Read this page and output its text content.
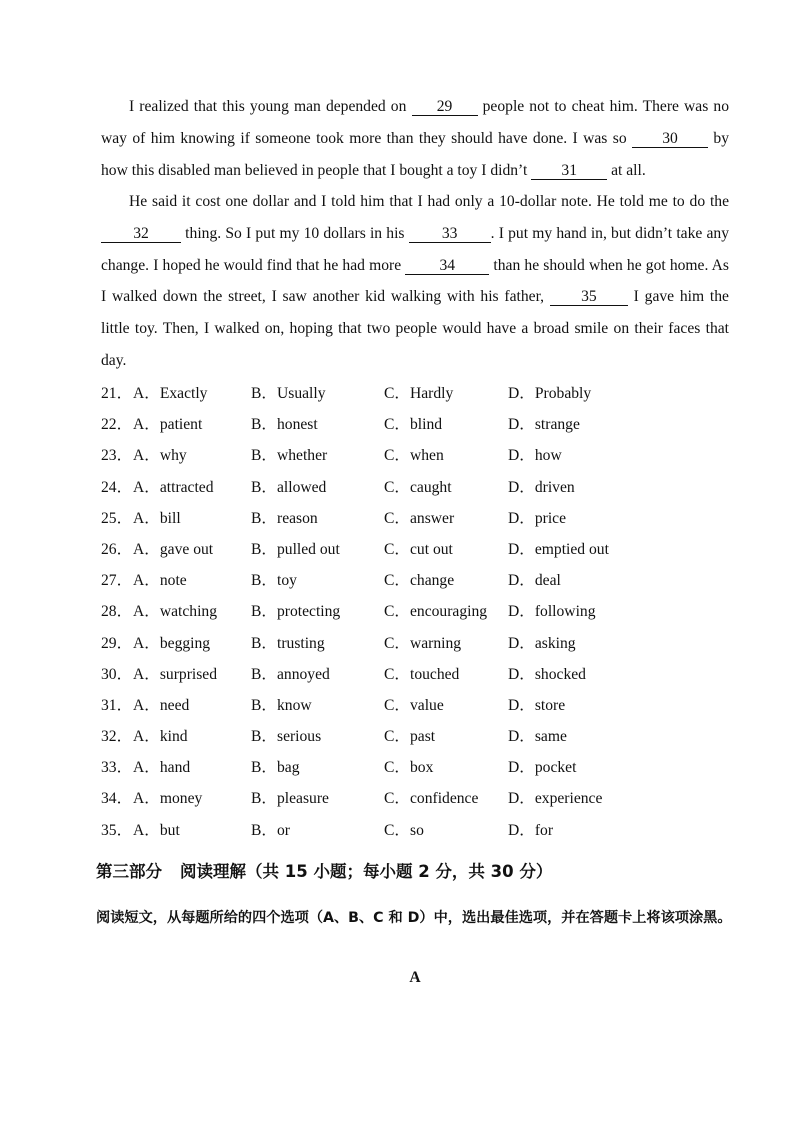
I realized that this young man depended on 29 people not to cheat him. There was no way of him knowing if someone took more than they should have done. I was so 30 by how this disabled man believed in people that I bought a toy I didn’t 31 at all.

He said it cost one dollar and I told him that I had only a 10-dollar note. He told me to do the 32 thing. So I put my 10 dollars in his 33 . I put my hand in, but didn’t take any change. I hoped he would find that he had more 34 than he should when he got home. As I walked down the street, I saw another kid walking with his father, 35 I gave him the little toy. Then, I walked on, hoping that two people would have a broad smile on their faces that day.

21． A．Exactly	B．Usually	C．Hardly	D．Probably
22． A．patient	B．honest	C．blind	D．strange
23． A．why	B．whether	C．when	D．how
24． A．attracted B．allowed	C．caught	D．driven
25． A．bill	B．reason	C．answer	D．price
26． A．gave out B．pulled out	C．cut out	D．emptied out
27． A．note	B．toy	C．change	D．deal
28． A．watching B．protecting	C．encouraging D．following
29． A．begging	B．trusting	C．warning	D．asking
30． A．surprised B．annoyed	C．touched	D．shocked
31． A．need	B．know	C．value	D．store
32． A．kind	B．serious	C．past	D．same
33． A．hand	B．bag	C．box	D．pocket
34． A．money	B．pleasure	C．confidence D．experience
35． A．but	B．or	C．so	D．for
第三部分 阅读理解（共 15 小题；每小题 2 分，共 30 分）

阅读短文，从每题所给的四个选项（A、B、C 和 D）中，选出最佳选项，并在答题卡上将该项涂黑。

A
